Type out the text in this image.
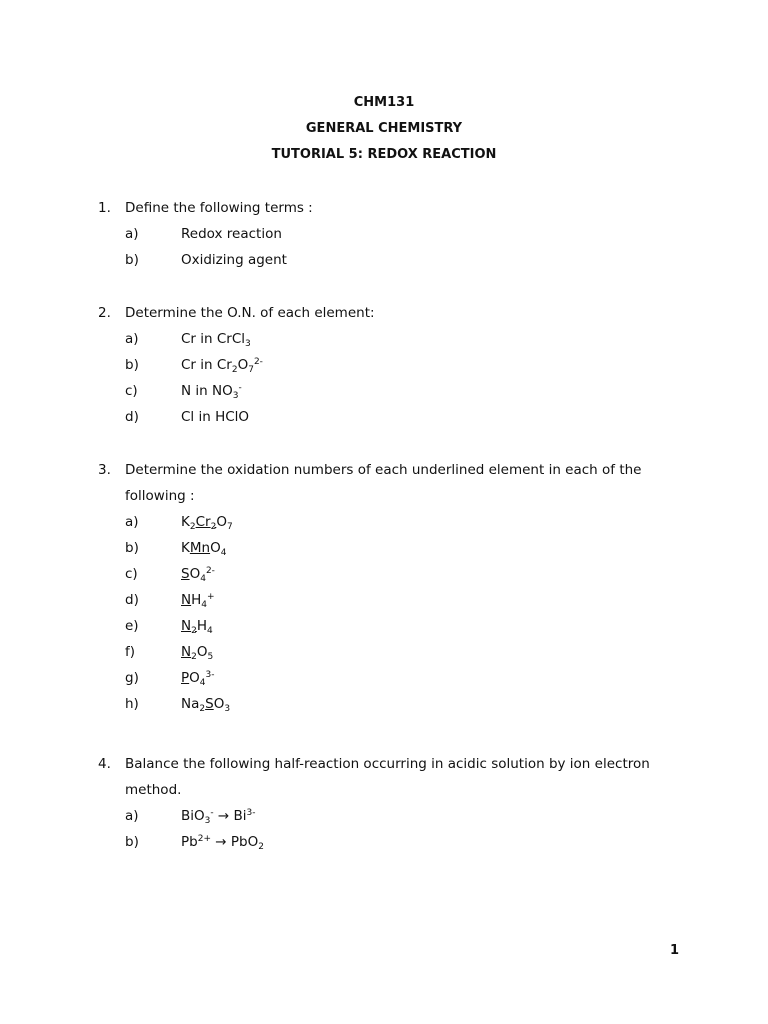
CHM131
GENERAL CHEMISTRY
TUTORIAL 5: REDOX REACTION
1. Define the following terms :
a)	Redox reaction
b)	Oxidizing agent
2. Determine the O.N. of each element:
a)	Cr in CrCl$_3$
b)	Cr in $Cr_2O_7^{2-}$
c)	N in $NO_3^-$
d)	Cl in HClO
3. Determine the oxidation numbers of each underlined element in each of the
following :
a)	$K_2Cr_2O_7$
b)	KMnO$_4$
c)	$SO_4^{2-}$
d)	$NH_4^+$
e)	$N_2H_4$
f)	$N_2O_5$
g)	$PO_4^{3-}$
h)	$Na_2SO_3$
4. Balance the following half-reaction occurring in acidic solution by ion electron
method.
a)	$BiO_3^- \to Bi^{3-}$
b)	$Pb^{2+} \to PbO_2$
1
